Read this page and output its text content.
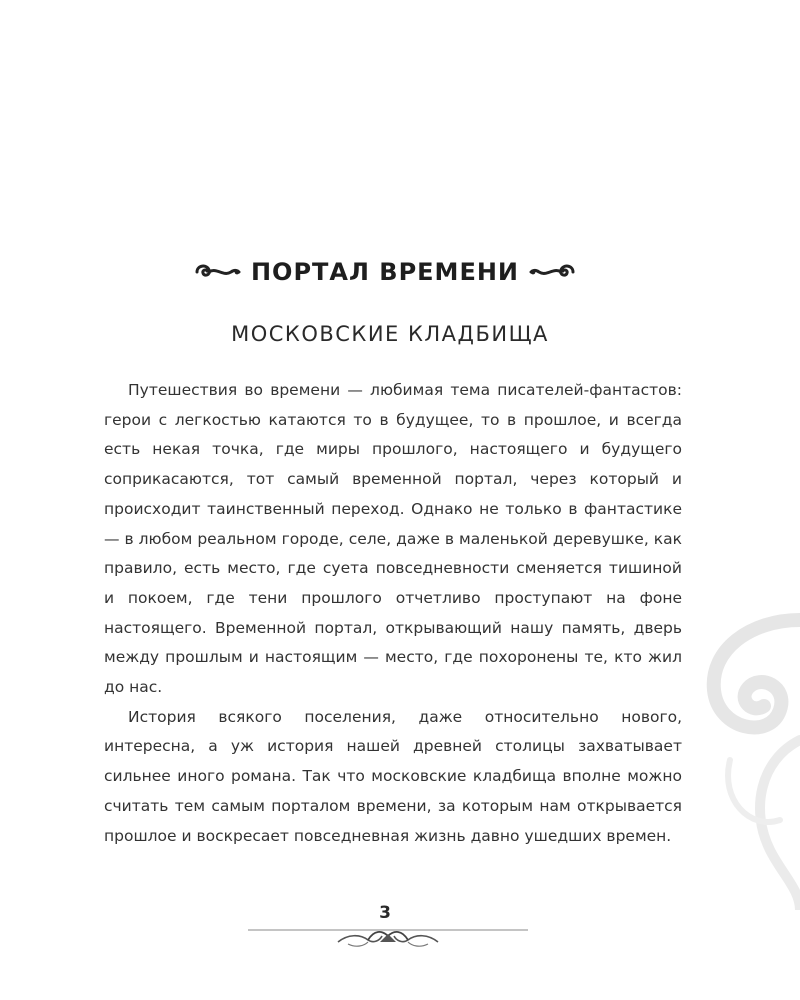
ПОРТАЛ ВРЕМЕНИ
МОСКОВСКИЕ КЛАДБИЩА

Путешествия во времени — любимая тема писателей-фантастов: герои с легкостью катаются то в будущее, то в прошлое, и всегда есть некая точка, где миры прошлого, настоящего и будущего соприкасаются, тот самый временной портал, через который и происходит таинственный переход. Однако не только в фантастике — в любом реальном городе, селе, даже в маленькой деревушке, как правило, есть место, где суета повседневности сменяется тишиной и покоем, где тени прошлого отчетливо проступают на фоне настоящего. Временной портал, открывающий нашу память, дверь между прошлым и настоящим — место, где похоронены те, кто жил до нас.

История всякого поселения, даже относительно нового, интересна, а уж история нашей древней столицы захватывает сильнее иного романа. Так что московские кладбища вполне можно считать тем самым порталом времени, за которым нам открывается прошлое и воскресает повседневная жизнь давно ушедших времен.

3
